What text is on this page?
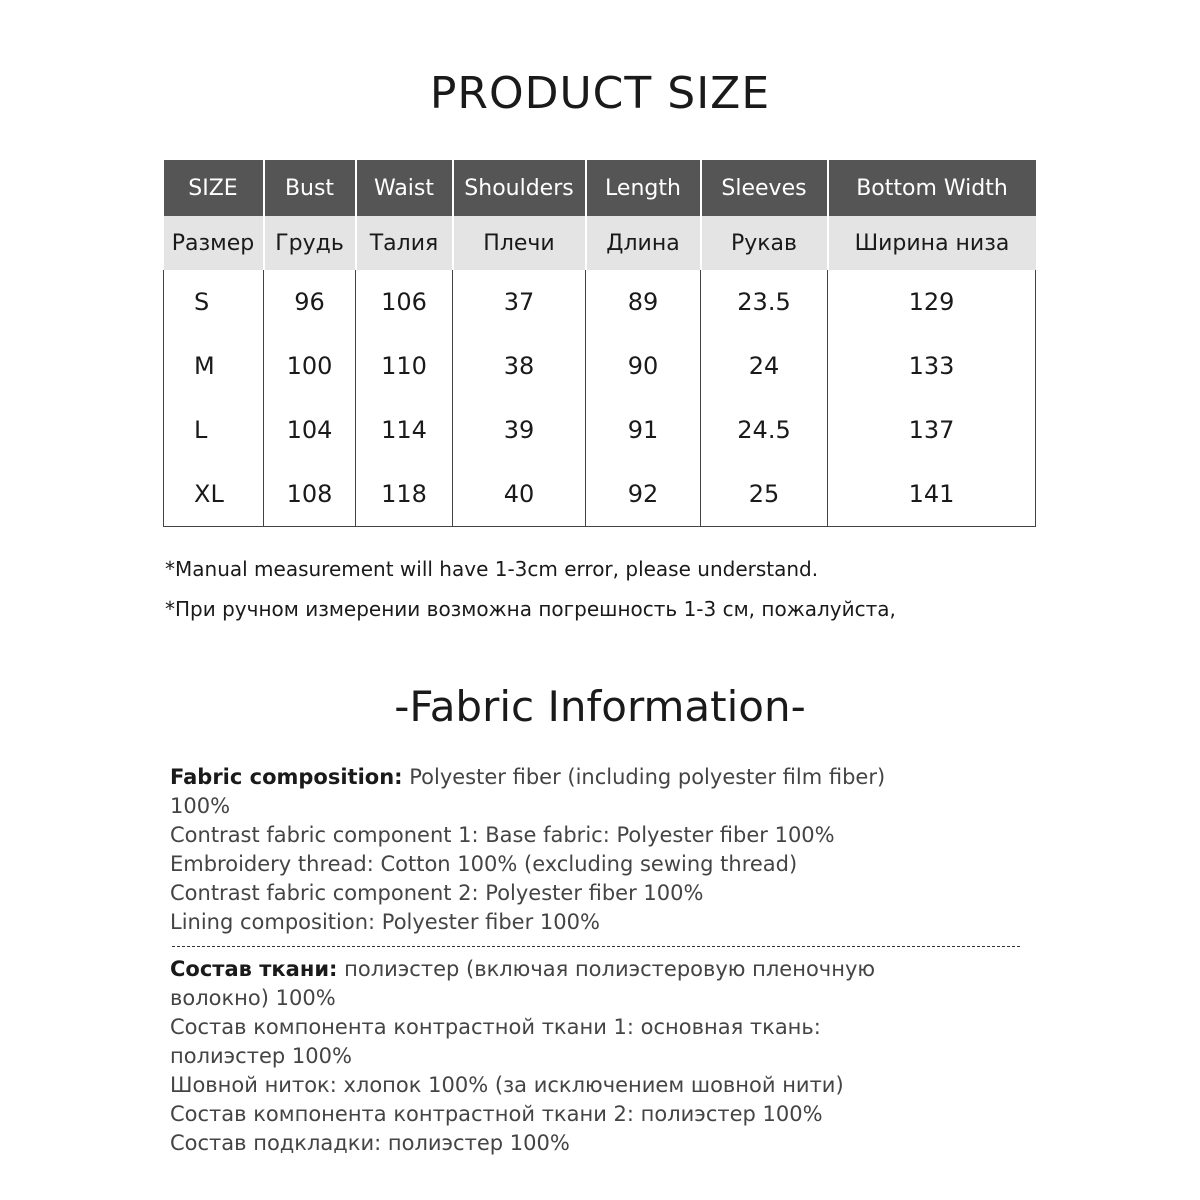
PRODUCT SIZE
SIZE	Bust	Waist	Shoulders	Length	Sleeves	Bottom Width
Размер	Грудь	Талия	Плечи	Длина	Рукав	Ширина низа
S	96	106	37	89	23.5	129
M	100	110	38	90	24	133
L	104	114	39	91	24.5	137
XL	108	118	40	92	25	141

*Manual measurement will have 1-3cm error, please understand.

*При ручном измерении возможна погрешность 1-3 см, пожалуйста,

-Fabric Information-
Fabric composition: Polyester fiber (including polyester film fiber)
100%
Contrast fabric component 1: Base fabric: Polyester fiber 100%
Embroidery thread: Cotton 100% (excluding sewing thread)
Contrast fabric component 2: Polyester fiber 100%
Lining composition: Polyester fiber 100%
Состав ткани: полиэстер (включая полиэстеровую пленочную
волокно) 100%
Состав компонента контрастной ткани 1: основная ткань:
полиэстер 100%
Шовной ниток: хлопок 100% (за исключением шовной нити)
Состав компонента контрастной ткани 2: полиэстер 100%
Состав подкладки: полиэстер 100%
